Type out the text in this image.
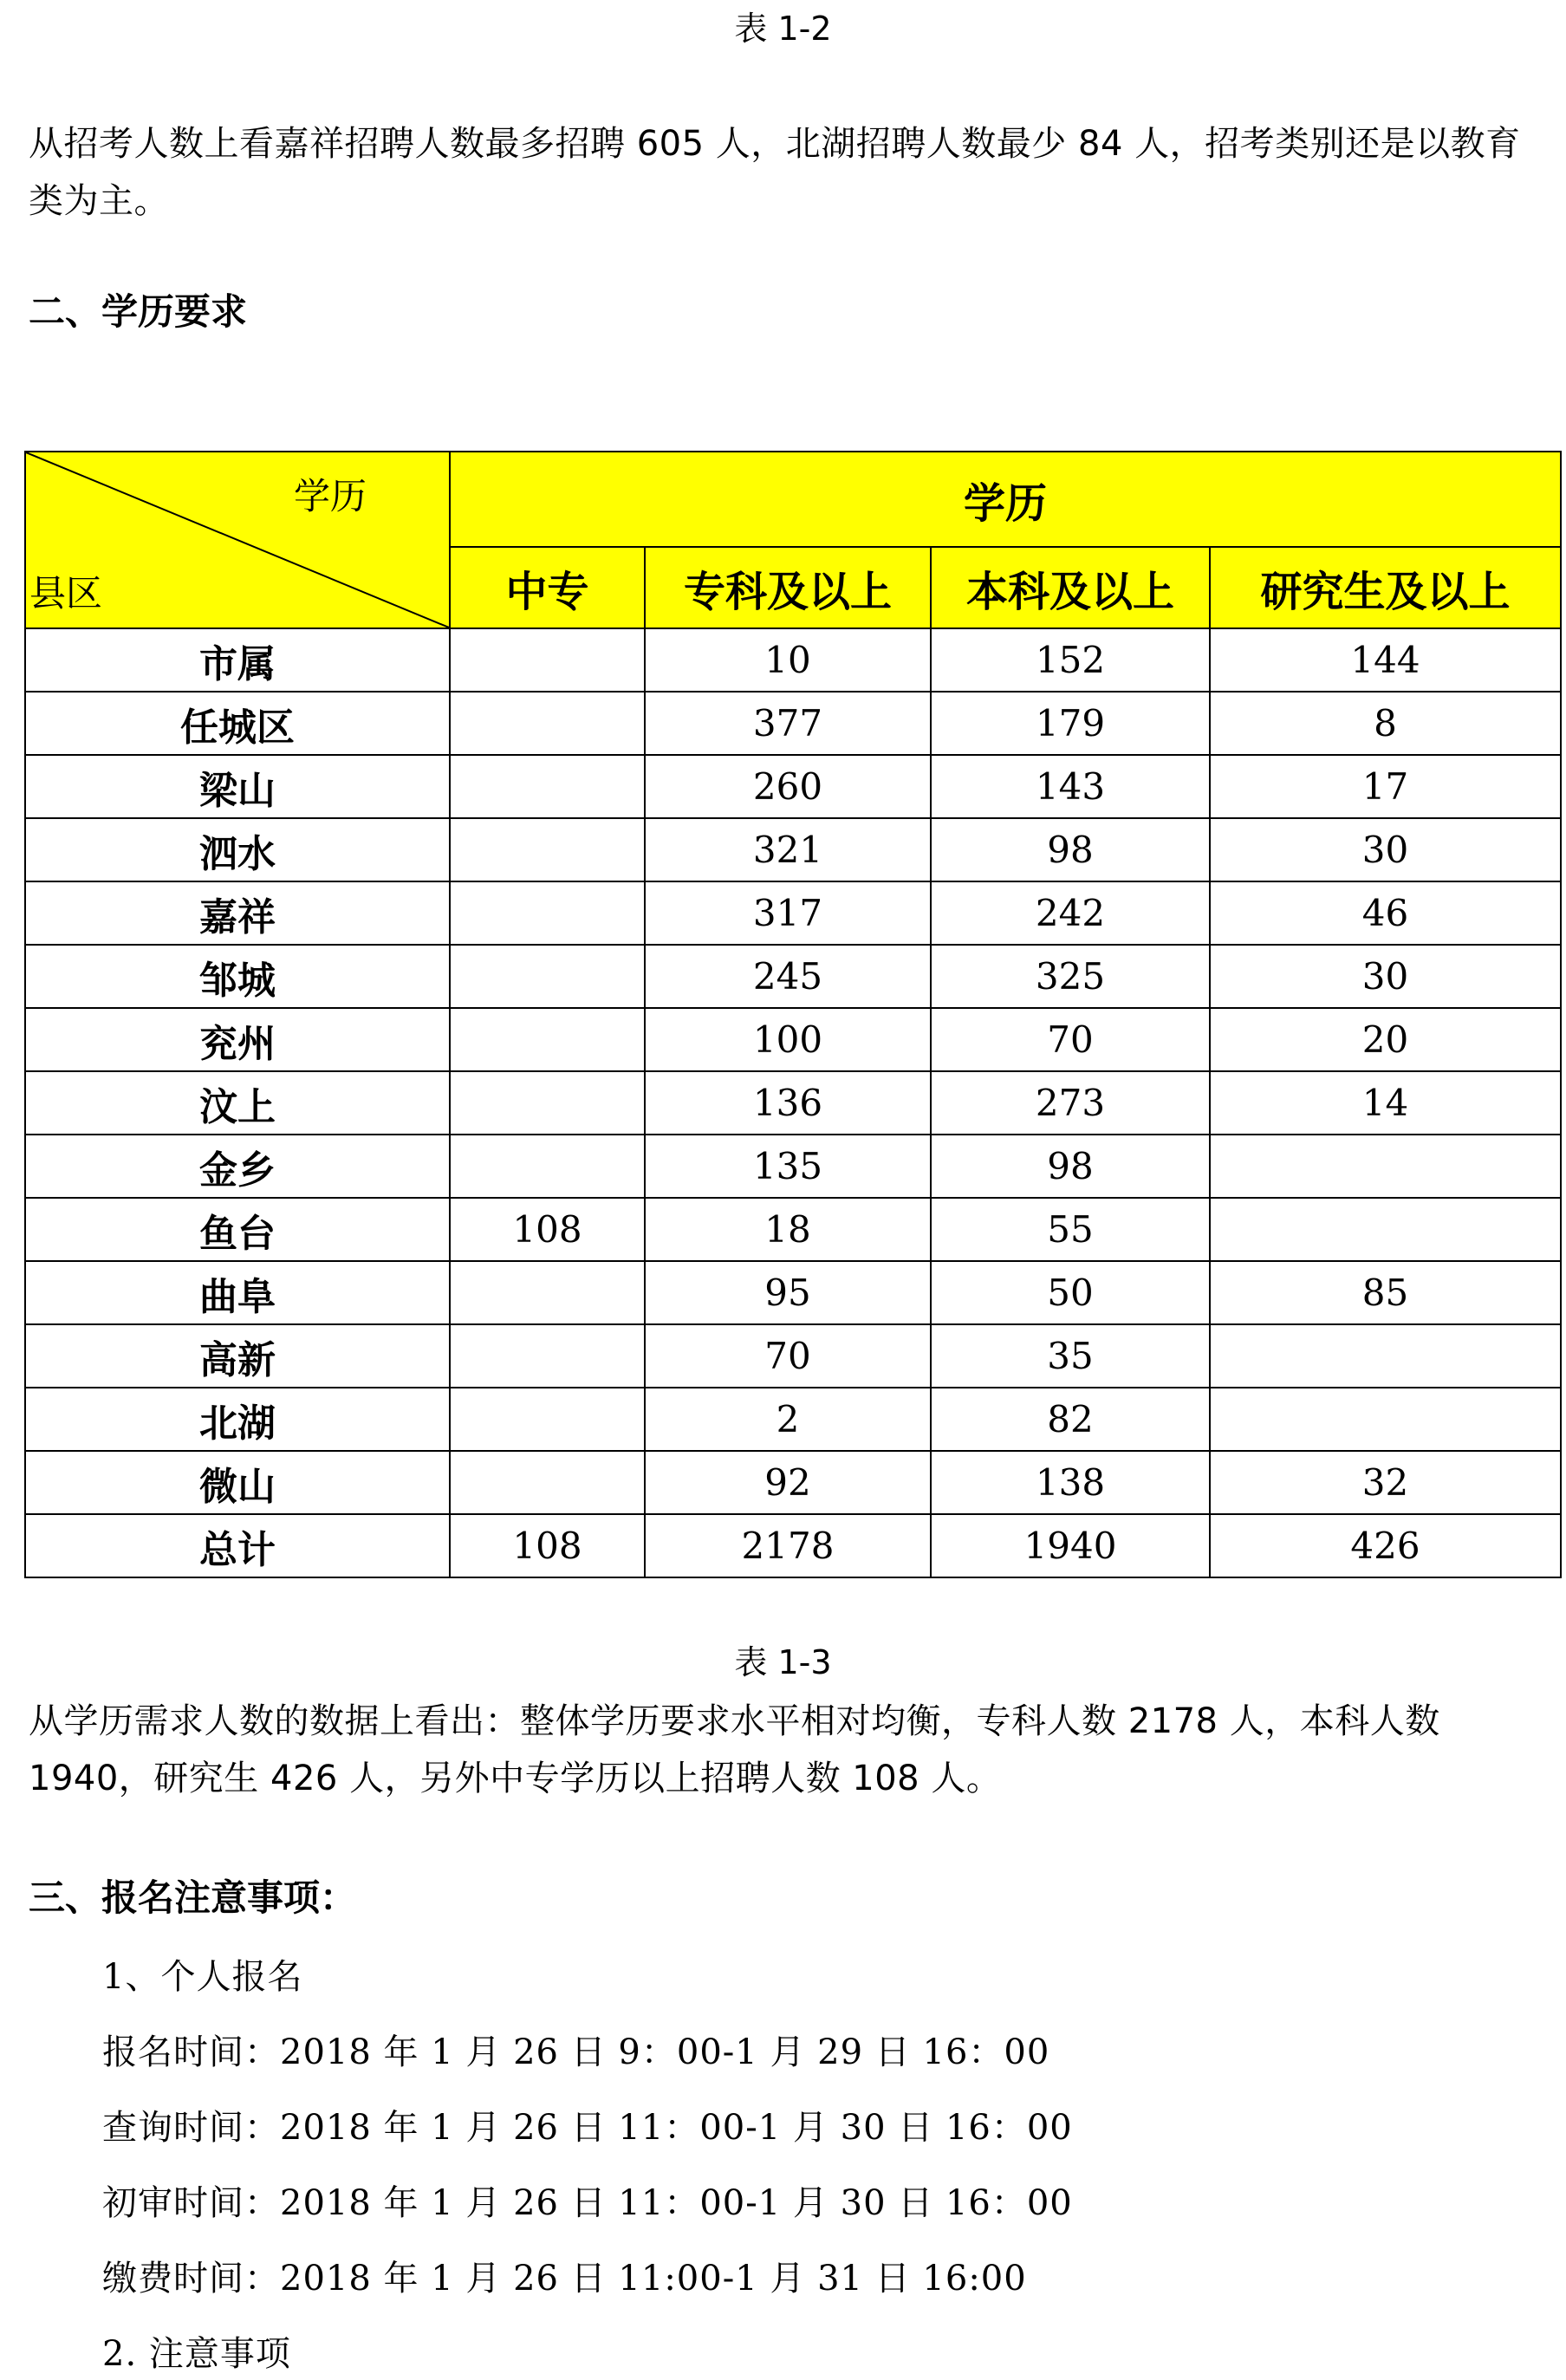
表 1-2
从招考人数上看嘉祥招聘人数最多招聘 605 人，北湖招聘人数最少 84 人，招考类别还是以教育类为主。
二、学历要求
学历
县区	学历			
	中专	专科及以上	本科及以上	研究生及以上
市属		10	152	144
任城区		377	179	8
梁山		260	143	17
泗水		321	98	30
嘉祥		317	242	46
邹城		245	325	30
兖州		100	70	20
汶上		136	273	14
金乡		135	98	
鱼台	108	18	55	
曲阜		95	50	85
高新		70	35	
北湖		2	82	
微山		92	138	32
总计	108	2178	1940	426
表 1-3
从学历需求人数的数据上看出：整体学历要求水平相对均衡，专科人数 2178 人，本科人数 1940，研究生 426 人，另外中专学历以上招聘人数 108 人。
三、报名注意事项：
1、个人报名
报名时间：2018 年 1 月 26 日 9：00-1 月 29 日 16：00
查询时间：2018 年 1 月 26 日 11：00-1 月 30 日 16：00
初审时间：2018 年 1 月 26 日 11：00-1 月 30 日 16：00
缴费时间：2018 年 1 月 26 日 11:00-1 月 31 日 16:00
2. 注意事项
